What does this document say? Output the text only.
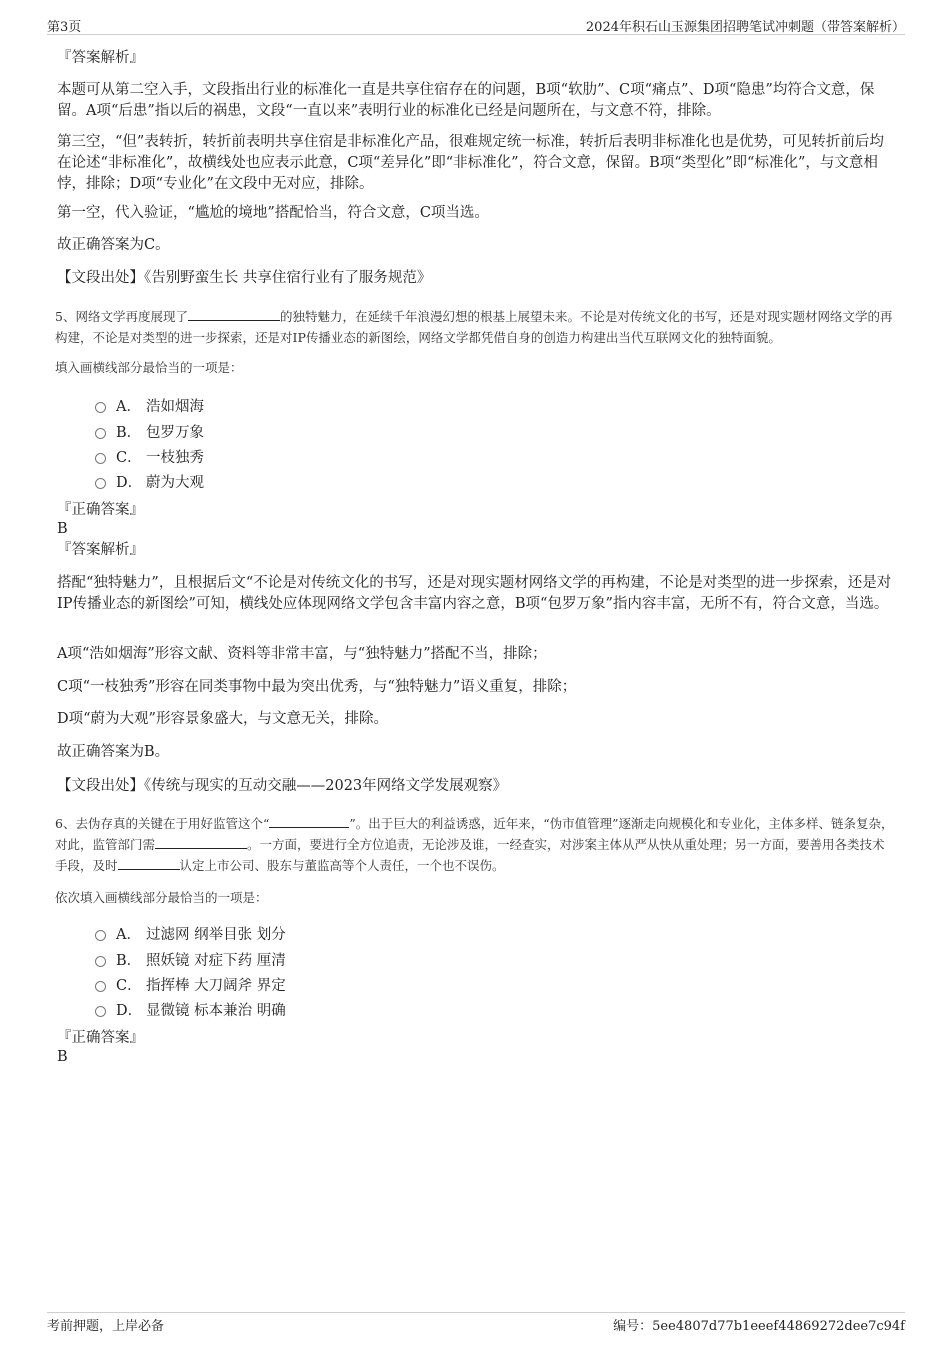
第3页	2024年积石山玉源集团招聘笔试冲刺题（带答案解析）
『答案解析』
本题可从第二空入手，文段指出行业的标准化一直是共享住宿存在的问题，B项“软肋”、C项“痛点”、D项“隐患”均符合文意，保留。A项“后患”指以后的祸患，文段“一直以来”表明行业的标准化已经是问题所在，与文意不符，排除。
第三空，“但”表转折，转折前表明共享住宿是非标准化产品，很难规定统一标准，转折后表明非标准化也是优势，可见转折前后均在论述“非标准化”，故横线处也应表示此意，C项“差异化”即“非标准化”，符合文意，保留。B项“类型化”即“标准化”，与文意相悖，排除；D项“专业化”在文段中无对应，排除。
第一空，代入验证，“尴尬的境地”搭配恰当，符合文意，C项当选。
故正确答案为C。
【文段出处】《告别野蛮生长 共享住宿行业有了服务规范》
5、网络文学再度展现了	的独特魅力，在延续千年浪漫幻想的根基上展望未来。不论是对传统文化的书写，还是对现实题材网络文学的再构建，不论是对类型的进一步探索，还是对IP传播业态的新图绘，网络文学都凭借自身的创造力构建出当代互联网文化的独特面貌。
填入画横线部分最恰当的一项是：
A． 浩如烟海
B． 包罗万象
C． 一枝独秀
D． 蔚为大观
『正确答案』
B
『答案解析』
搭配“独特魅力”，且根据后文“不论是对传统文化的书写，还是对现实题材网络文学的再构建，不论是对类型的进一步探索，还是对IP传播业态的新图绘”可知，横线处应体现网络文学包含丰富内容之意，B项“包罗万象”指内容丰富，无所不有，符合文意，当选。
A项“浩如烟海”形容文献、资料等非常丰富，与“独特魅力”搭配不当，排除；
C项“一枝独秀”形容在同类事物中最为突出优秀，与“独特魅力”语义重复，排除；
D项“蔚为大观”形容景象盛大，与文意无关，排除。
故正确答案为B。
【文段出处】《传统与现实的互动交融——2023年网络文学发展观察》
6、去伪存真的关键在于用好监管这个“	”。出于巨大的利益诱惑，近年来，“伪市值管理”逐渐走向规模化和专业化，主体多样、链条复杂，对此，监管部门需	。一方面，要进行全方位追责，无论涉及谁，一经查实，对涉案主体从严从快从重处理；另一方面，要善用各类技术手段，及时	认定上市公司、股东与董监高等个人责任，一个也不误伤。
依次填入画横线部分最恰当的一项是：
A． 过滤网 纲举目张 划分
B． 照妖镜 对症下药 厘清
C． 指挥棒 大刀阔斧 界定
D． 显微镜 标本兼治 明确
『正确答案』
B
考前押题，上岸必备	编号：5ee4807d77b1eeef44869272dee7c94f
